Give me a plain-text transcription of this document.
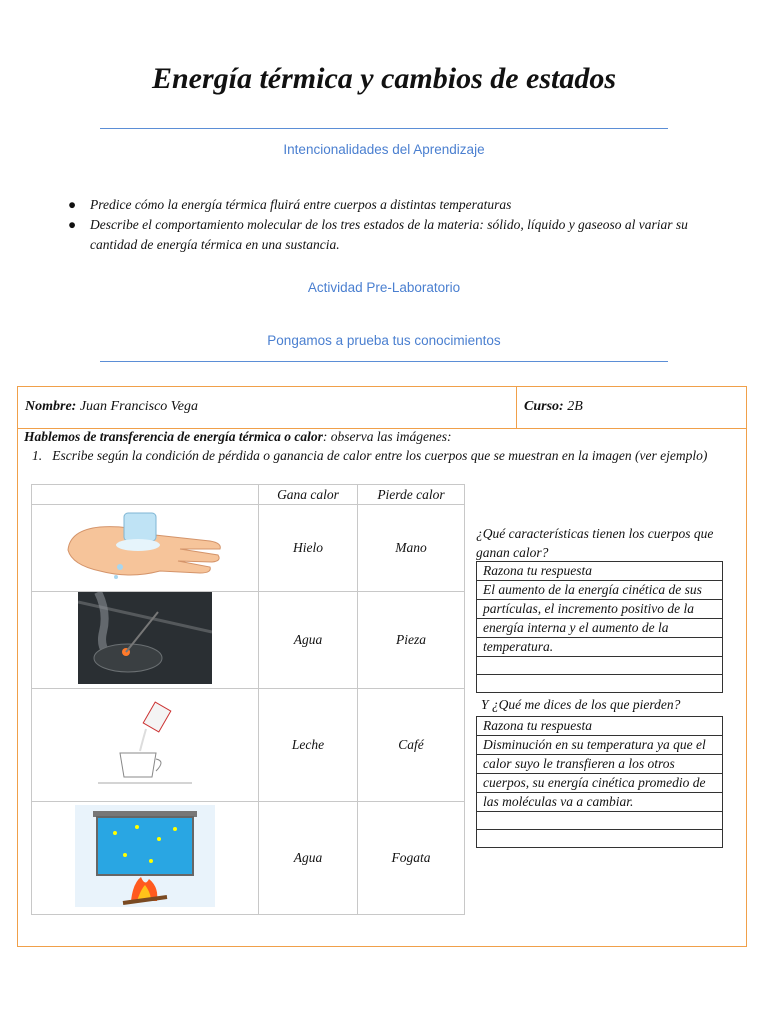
Energía térmica y cambios de estados
Intencionalidades del Aprendizaje
● Predice cómo la energía térmica fluirá entre cuerpos a distintas temperaturas
● Describe el comportamiento molecular de los tres estados de la materia: sólido, líquido y gaseoso al variar su
cantidad de energía térmica en una sustancia.
Actividad Pre-Laboratorio
Pongamos a prueba tus conocimientos
Nombre: Juan Francisco Vega	Curso: 2B
Hablemos de transferencia de energía térmica o calor: observa las imágenes:
1. Escribe según la condición de pérdida o ganancia de calor entre los cuerpos que se muestran en la imagen (ver ejemplo)
	Gana calor	Pierde calor
	Hielo	Mano
	Agua	Pieza
	Leche	Café
	Agua	Fogata
¿Qué características tienen los cuerpos que
ganan calor?
Razona tu respuesta
El aumento de la energía cinética de sus
partículas, el incremento positivo de la
energía interna y el aumento de la
temperatura.

Y ¿Qué me dices de los que pierden?
Razona tu respuesta
Disminución en su temperatura ya que el
calor suyo le transfieren a los otros
cuerpos, su energía cinética promedio de
las moléculas va a cambiar.
